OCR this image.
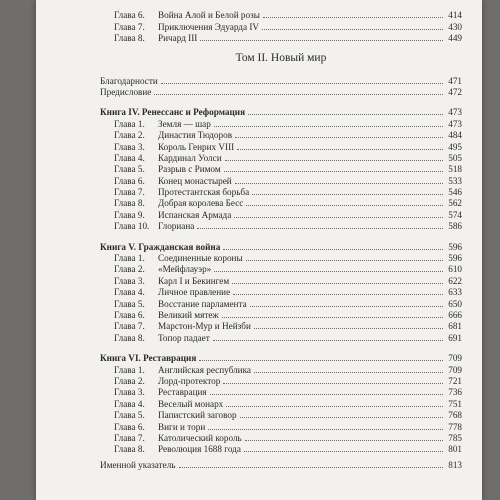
Глава 6.	Война Алой и Белой розы	414
Глава 7.	Приключения Эдуарда IV	430
Глава 8.	Ричард III	449
Том II. Новый мир
Благодарности	471
Предисловие	472
Книга IV. Ренессанс и Реформация	473
Глава 1.	Земля — шар	473
Глава 2.	Династия Тюдоров	484
Глава 3.	Король Генрих VIII	495
Глава 4.	Кардинал Уолси	505
Глава 5.	Разрыв с Римом	518
Глава 6.	Конец монастырей	533
Глава 7.	Протестантская борьба	546
Глава 8.	Добрая королева Бесс	562
Глава 9.	Испанская Армада	574
Глава 10. Глориана	586
Книга V. Гражданская война	596
Глава 1.	Соединенные короны	596
Глава 2.	«Мейфлауэр»	610
Глава 3.	Карл I и Бекингем	622
Глава 4.	Личное правление	633
Глава 5.	Восстание парламента	650
Глава 6.	Великий мятеж	666
Глава 7.	Марстон-Мур и Нейзби	681
Глава 8.	Топор падает	691
Книга VI. Реставрация	709
Глава 1.	Английская республика	709
Глава 2.	Лорд-протектор	721
Глава 3.	Реставрация	736
Глава 4.	Веселый монарх	751
Глава 5.	Папистский заговор	768
Глава 6.	Виги и тори	778
Глава 7.	Католический король	785
Глава 8.	Революция 1688 года	801
Именной указатель	813
